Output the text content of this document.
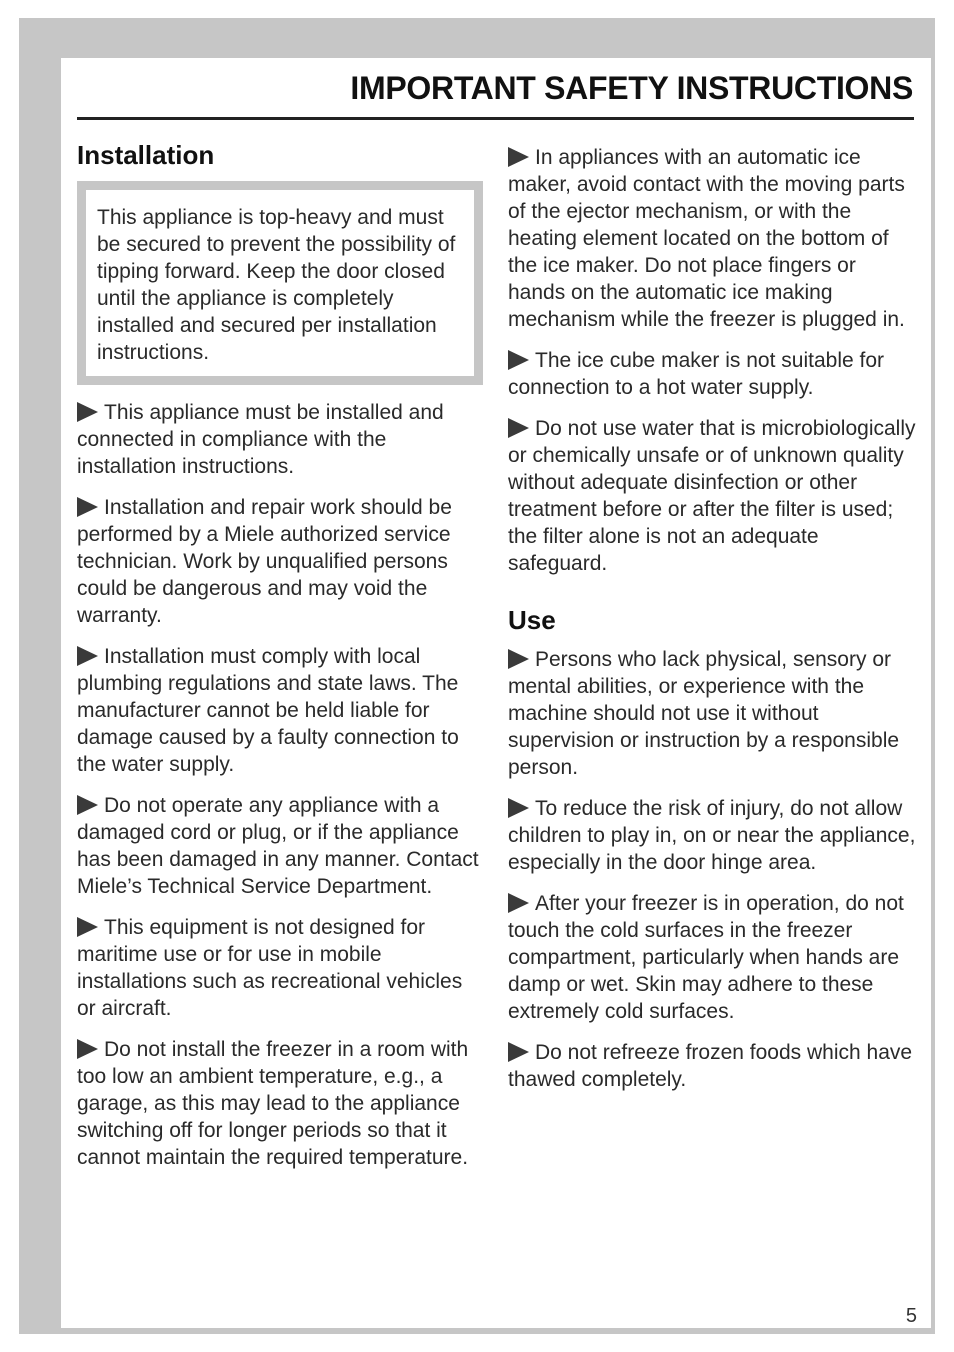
IMPORTANT SAFETY INSTRUCTIONS
Installation

This appliance is top-heavy and must be secured to prevent the possibility of tipping forward. Keep the door closed until the appliance is completely installed and secured per installation instructions.

This appliance must be installed and connected in compliance with the installation instructions.

Installation and repair work should be performed by a Miele authorized service technician. Work by unqualified persons could be dangerous and may void the warranty.

Installation must comply with local plumbing regulations and state laws. The manufacturer cannot be held liable for damage caused by a faulty connection to the water supply.

Do not operate any appliance with a damaged cord or plug, or if the appliance has been damaged in any manner. Contact Miele’s Technical Service Department.

This equipment is not designed for maritime use or for use in mobile installations such as recreational vehicles or aircraft.

Do not install the freezer in a room with too low an ambient temperature, e.g., a garage, as this may lead to the appliance switching off for longer periods so that it cannot maintain the required temperature.

In appliances with an automatic ice maker, avoid contact with the moving parts of the ejector mechanism, or with the heating element located on the bottom of the ice maker. Do not place fingers or hands on the automatic ice making mechanism while the freezer is plugged in.

The ice cube maker is not suitable for connection to a hot water supply.

Do not use water that is microbiologically or chemically unsafe or of unknown quality without adequate disinfection or other treatment before or after the filter is used; the filter alone is not an adequate safeguard.

Use

Persons who lack physical, sensory or mental abilities, or experience with the machine should not use it without supervision or instruction by a responsible person.

To reduce the risk of injury, do not allow children to play in, on or near the appliance, especially in the door hinge area.

After your freezer is in operation, do not touch the cold surfaces in the freezer compartment, particularly when hands are damp or wet. Skin may adhere to these extremely cold surfaces.

Do not refreeze frozen foods which have thawed completely.

5
